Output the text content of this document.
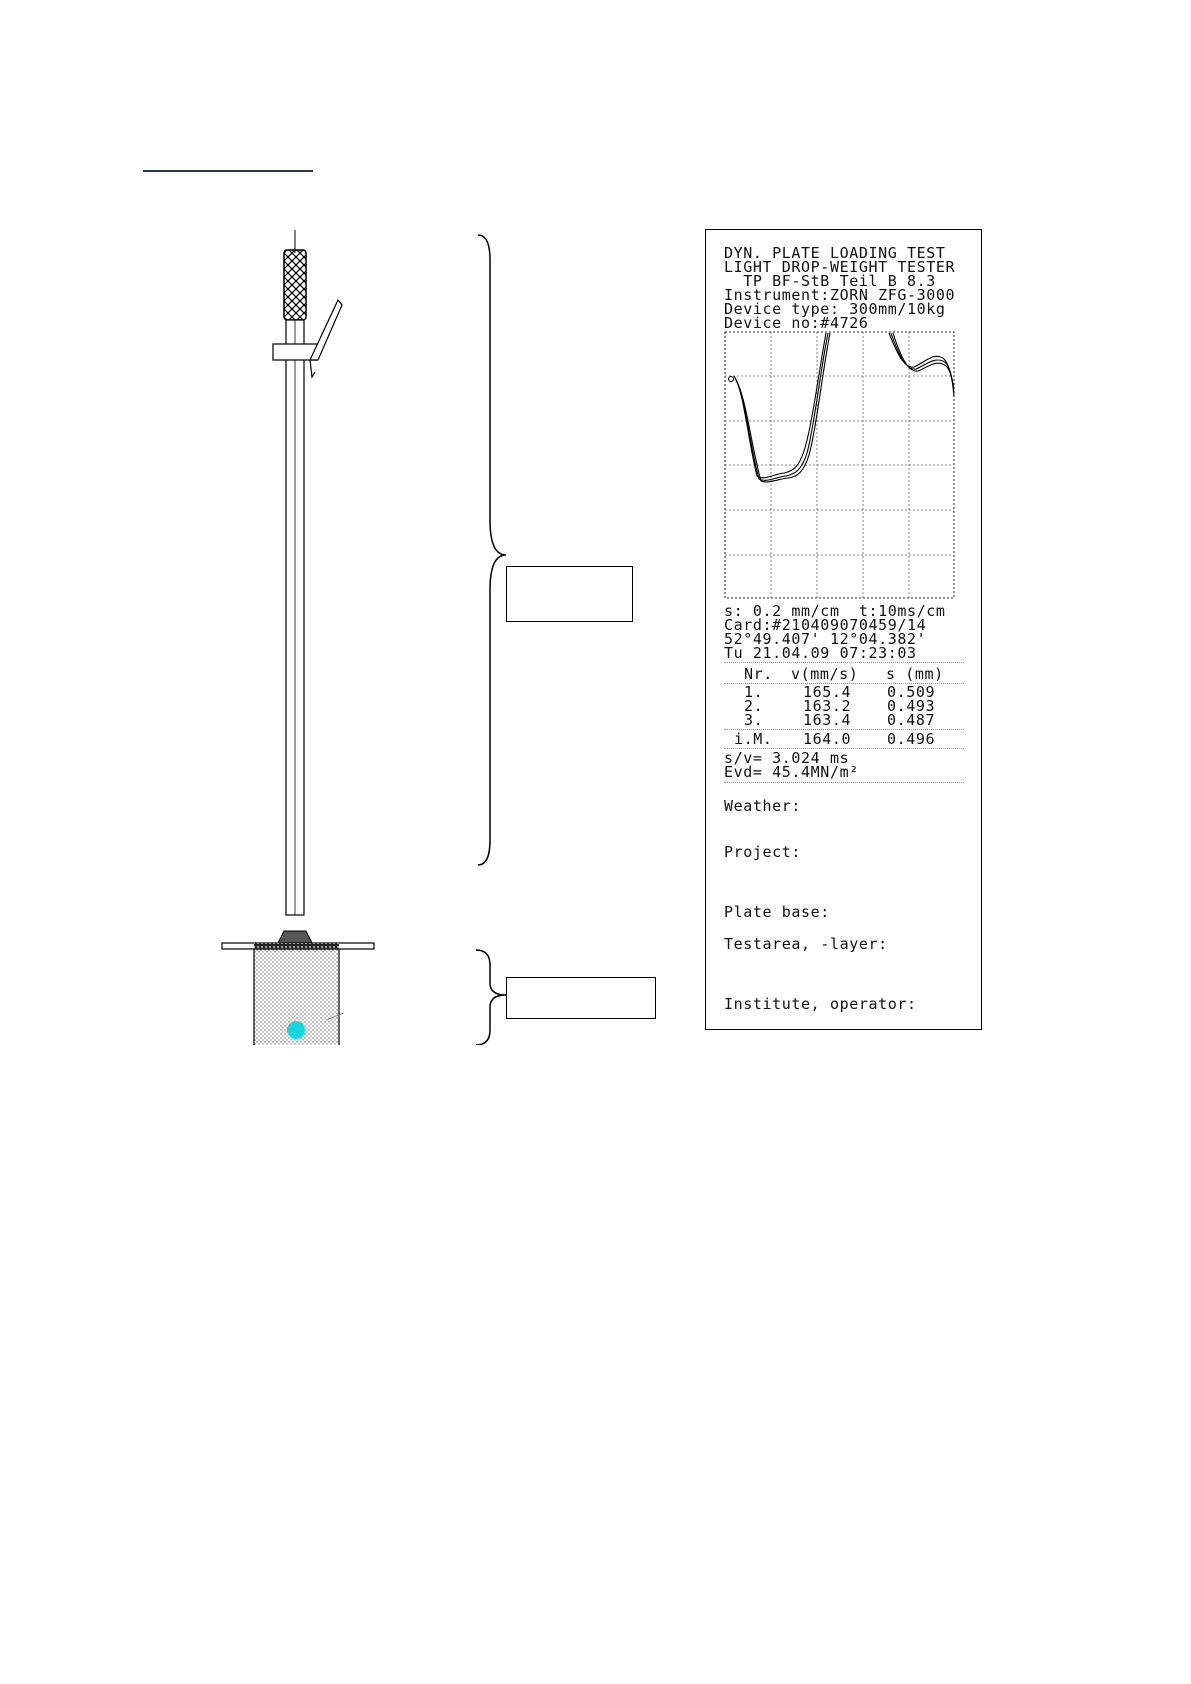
DYN. PLATE LOADING TEST
LIGHT DROP-WEIGHT TESTER
TP BF-StB Teil B 8.3
Instrument:ZORN ZFG-3000
Device type: 300mm/10kg
Device no:#4726
s: 0.2 mm/cm  t:10ms/cm
Card:#210409070459/14
52°49.407' 12°04.382'
Tu 21.04.09 07:23:03
Nr. v(mm/s) s (mm)
1.	165.4 0.509
2.	163.2 0.493
3.	163.4 0.487
i.M. 164.0 0.496
s/v= 3.024 ms
Evd= 45.4MN/m²
Weather:
Project:
Plate base:
Testarea, -layer:
Institute, operator:
